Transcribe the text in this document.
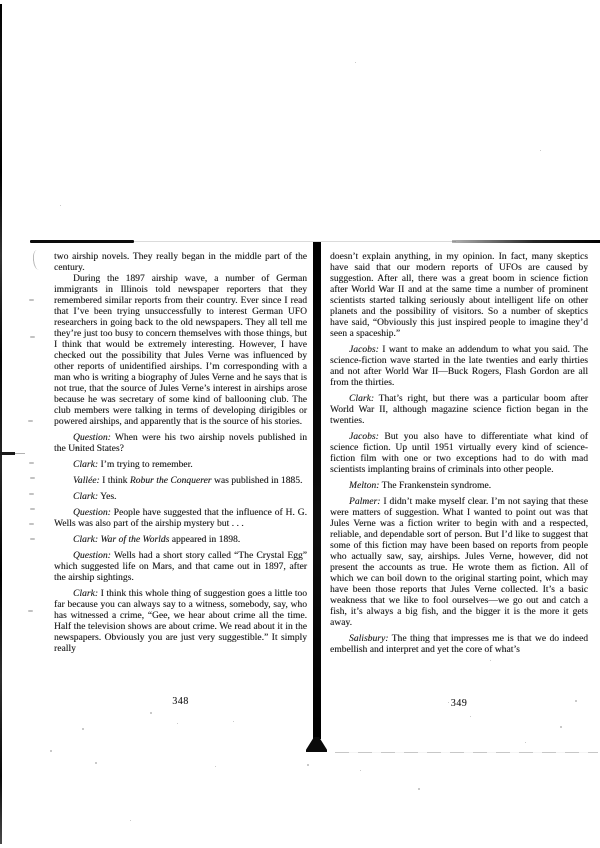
two airship novels. They really began in the middle part of the century.
During the 1897 airship wave, a number of German immigrants in Illinois told newspaper reporters that they remembered similar reports from their country. Ever since I read that I’ve been trying unsuccessfully to interest German UFO researchers in going back to the old newspapers. They all tell me they’re just too busy to concern themselves with those things, but I think that would be extremely interesting. However, I have checked out the possibility that Jules Verne was influenced by other reports of unidentified airships. I’m corresponding with a man who is writing a biography of Jules Verne and he says that is not true, that the source of Jules Verne’s interest in airships arose because he was secretary of some kind of ballooning club. The club members were talking in terms of developing dirigibles or powered airships, and apparently that is the source of his stories.
Question: When were his two airship novels published in the United States?
Clark: I’m trying to remember.
Vallée: I think Robur the Conquerer was published in 1885.
Clark: Yes.
Question: People have suggested that the influence of H. G. Wells was also part of the airship mystery but . . .
Clark: War of the Worlds appeared in 1898.
Question: Wells had a short story called “The Crystal Egg” which suggested life on Mars, and that came out in 1897, after the airship sightings.
Clark: I think this whole thing of suggestion goes a little too far because you can always say to a witness, somebody, say, who has witnessed a crime, “Gee, we hear about crime all the time. Half the television shows are about crime. We read about it in the newspapers. Obviously you are just very suggestible.” It simply really
348
doesn’t explain anything, in my opinion. In fact, many skeptics have said that our modern reports of UFOs are caused by suggestion. After all, there was a great boom in science fiction after World War II and at the same time a number of prominent scientists started talking seriously about intelligent life on other planets and the possibility of visitors. So a number of skeptics have said, “Obviously this just inspired people to imagine they’d seen a spaceship.”
Jacobs: I want to make an addendum to what you said. The science-fiction wave started in the late twenties and early thirties and not after World War II—Buck Rogers, Flash Gordon are all from the thirties.
Clark: That’s right, but there was a particular boom after World War II, although magazine science fiction began in the twenties.
Jacobs: But you also have to differentiate what kind of science fiction. Up until 1951 virtually every kind of science-fiction film with one or two exceptions had to do with mad scientists implanting brains of criminals into other people.
Melton: The Frankenstein syndrome.
Palmer: I didn’t make myself clear. I’m not saying that these were matters of suggestion. What I wanted to point out was that Jules Verne was a fiction writer to begin with and a respected, reliable, and dependable sort of person. But I’d like to suggest that some of this fiction may have been based on reports from people who actually saw, say, airships. Jules Verne, however, did not present the accounts as true. He wrote them as fiction. All of which we can boil down to the original starting point, which may have been those reports that Jules Verne collected. It’s a basic weakness that we like to fool ourselves—we go out and catch a fish, it’s always a big fish, and the bigger it is the more it gets away.
Salisbury: The thing that impresses me is that we do indeed embellish and interpret and yet the core of what’s
349
